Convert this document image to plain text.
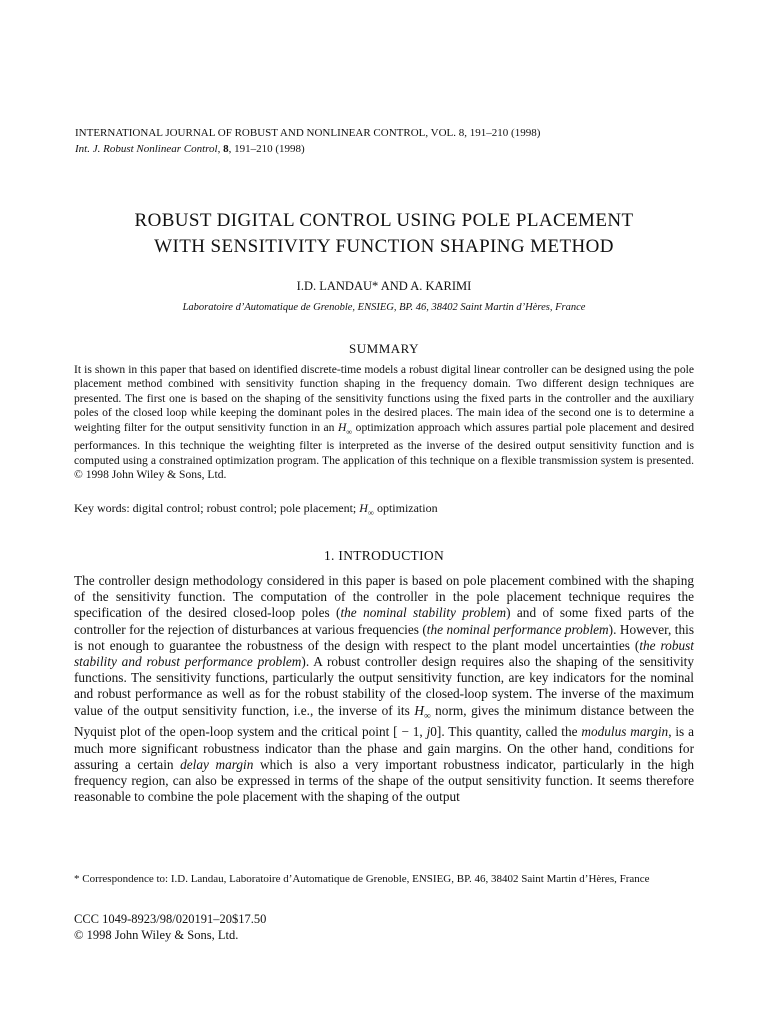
INTERNATIONAL JOURNAL OF ROBUST AND NONLINEAR CONTROL, VOL. 8, 191–210 (1998)
Int. J. Robust Nonlinear Control, 8, 191–210 (1998)
ROBUST DIGITAL CONTROL USING POLE PLACEMENT
WITH SENSITIVITY FUNCTION SHAPING METHOD
I.D. LANDAU* AND A. KARIMI
Laboratoire d’Automatique de Grenoble, ENSIEG, BP. 46, 38402 Saint Martin d’Hères, France
SUMMARY

It is shown in this paper that based on identified discrete-time models a robust digital linear controller can be designed using the pole placement method combined with sensitivity function shaping in the frequency domain. Two different design techniques are presented. The first one is based on the shaping of the sensitivity functions using the fixed parts in the controller and the auxiliary poles of the closed loop while keeping the dominant poles in the desired places. The main idea of the second one is to determine a weighting filter for the output sensitivity function in an $H_\infty$ optimization approach which assures partial pole placement and desired performances. In this technique the weighting filter is interpreted as the inverse of the desired output sensitivity function and is computed using a constrained optimization program. The application of this technique on a flexible transmission system is presented. © 1998 John Wiley & Sons, Ltd.

Key words: digital control; robust control; pole placement; $H_\infty$ optimization

1. INTRODUCTION

The controller design methodology considered in this paper is based on pole placement combined with the shaping of the sensitivity function. The computation of the controller in the pole placement technique requires the specification of the desired closed-loop poles (the nominal stability problem) and of some fixed parts of the controller for the rejection of disturbances at various frequencies (the nominal performance problem). However, this is not enough to guarantee the robustness of the design with respect to the plant model uncertainties (the robust stability and robust performance problem). A robust controller design requires also the shaping of the sensitivity functions. The sensitivity functions, particularly the output sensitivity function, are key indicators for the nominal and robust performance as well as for the robust stability of the closed-loop system. The inverse of the maximum value of the output sensitivity function, i.e., the inverse of its $H_\infty$ norm, gives the minimum distance between the Nyquist plot of the open-loop system and the critical point [ − 1, j0]. This quantity, called the modulus margin, is a much more significant robustness indicator than the phase and gain margins. On the other hand, conditions for assuring a certain delay margin which is also a very important robustness indicator, particularly in the high frequency region, can also be expressed in terms of the shape of the output sensitivity function. It seems therefore reasonable to combine the pole placement with the shaping of the output

* Correspondence to: I.D. Landau, Laboratoire d’Automatique de Grenoble, ENSIEG, BP. 46, 38402 Saint Martin d’Hères, France

CCC 1049-8923/98/020191–20$17.50
© 1998 John Wiley & Sons, Ltd.
